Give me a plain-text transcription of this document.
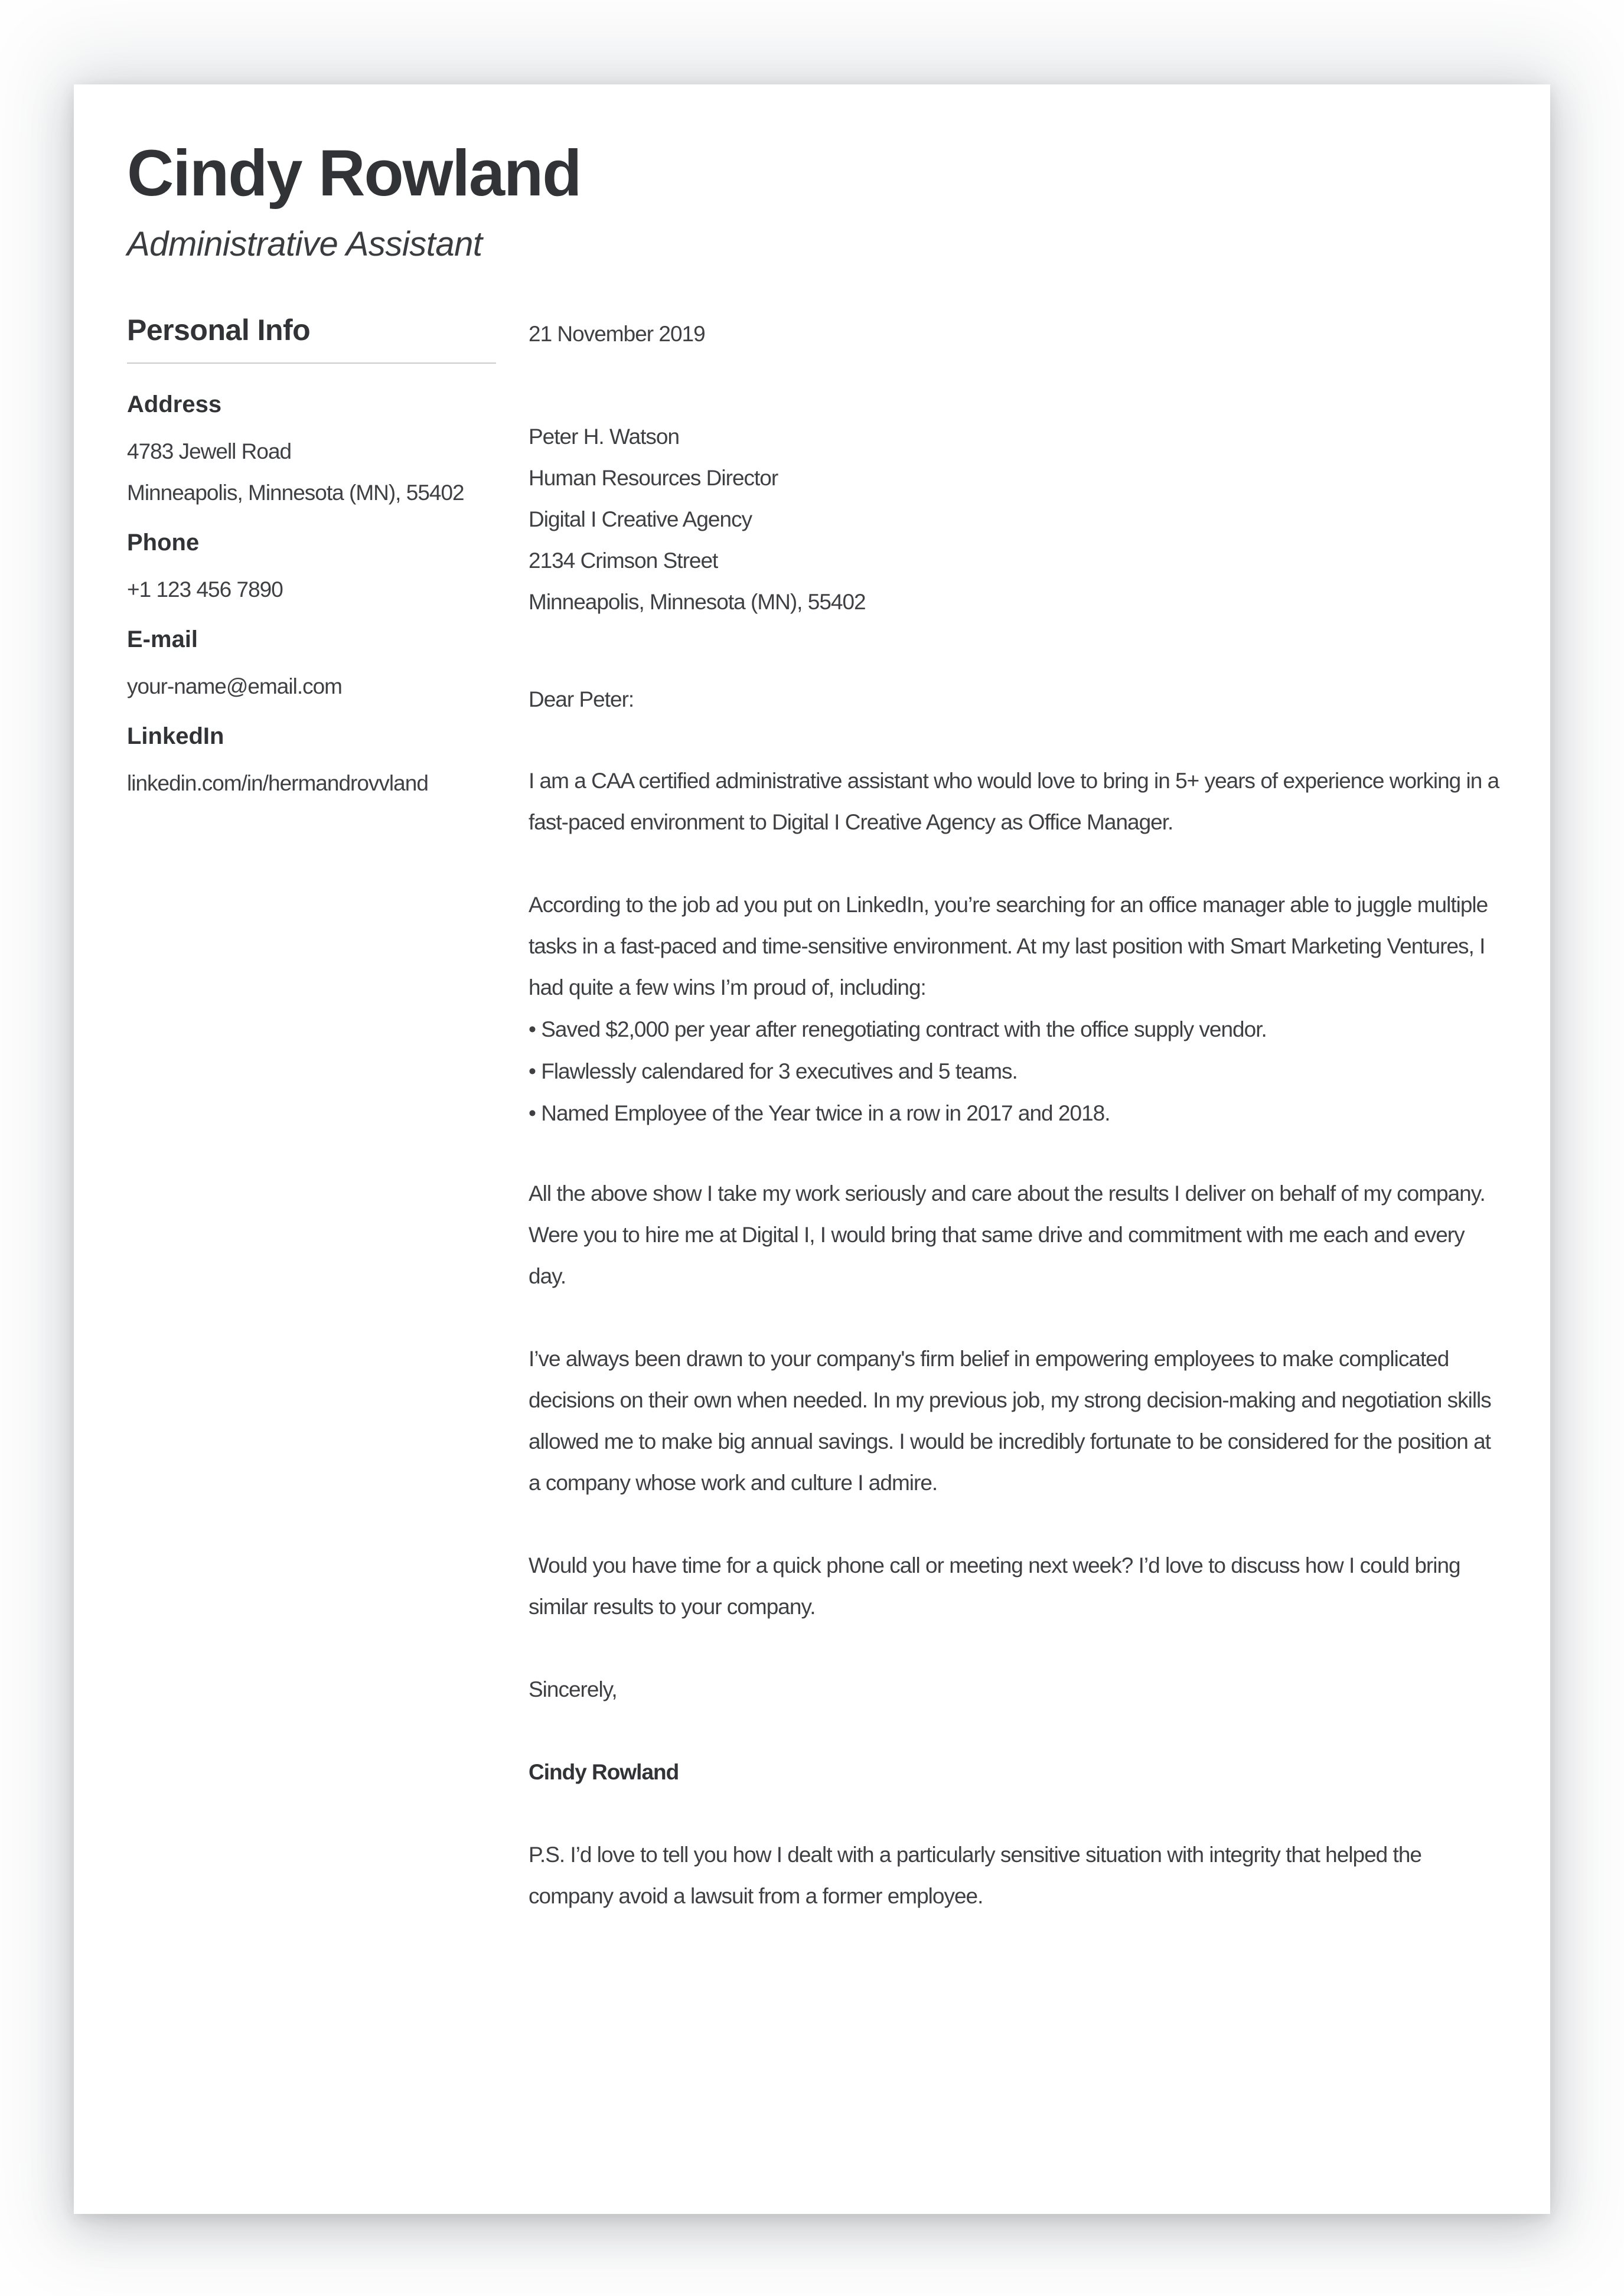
Cindy Rowland
Administrative Assistant
Personal Info
Address
4783 Jewell Road
Minneapolis, Minnesota (MN), 55402
Phone
+1 123 456 7890
E-mail
your-name@email.com
LinkedIn
linkedin.com/in/hermandrovvland
21 November 2019
Peter H. Watson
Human Resources Director
Digital I Creative Agency
2134 Crimson Street
Minneapolis, Minnesota (MN), 55402
Dear Peter:

I am a CAA certified administrative assistant who would love to bring in 5+ years of experience working in a fast-paced environment to Digital I Creative Agency as Office Manager.

According to the job ad you put on LinkedIn, you’re searching for an office manager able to juggle multiple tasks in a fast-paced and time-sensitive environment. At my last position with Smart Marketing Ventures, I had quite a few wins I’m proud of, including:

• Saved $2,000 per year after renegotiating contract with the office supply vendor.
• Flawlessly calendared for 3 executives and 5 teams.
• Named Employee of the Year twice in a row in 2017 and 2018.

All the above show I take my work seriously and care about the results I deliver on behalf of my company. Were you to hire me at Digital I, I would bring that same drive and commitment with me each and every day.

I’ve always been drawn to your company's firm belief in empowering employees to make complicated decisions on their own when needed. In my previous job, my strong decision-making and negotiation skills allowed me to make big annual savings. I would be incredibly fortunate to be considered for the position at a company whose work and culture I admire.

Would you have time for a quick phone call or meeting next week? I’d love to discuss how I could bring similar results to your company.

Sincerely,
Cindy Rowland

P.S. I’d love to tell you how I dealt with a particularly sensitive situation with integrity that helped the company avoid a lawsuit from a former employee.
